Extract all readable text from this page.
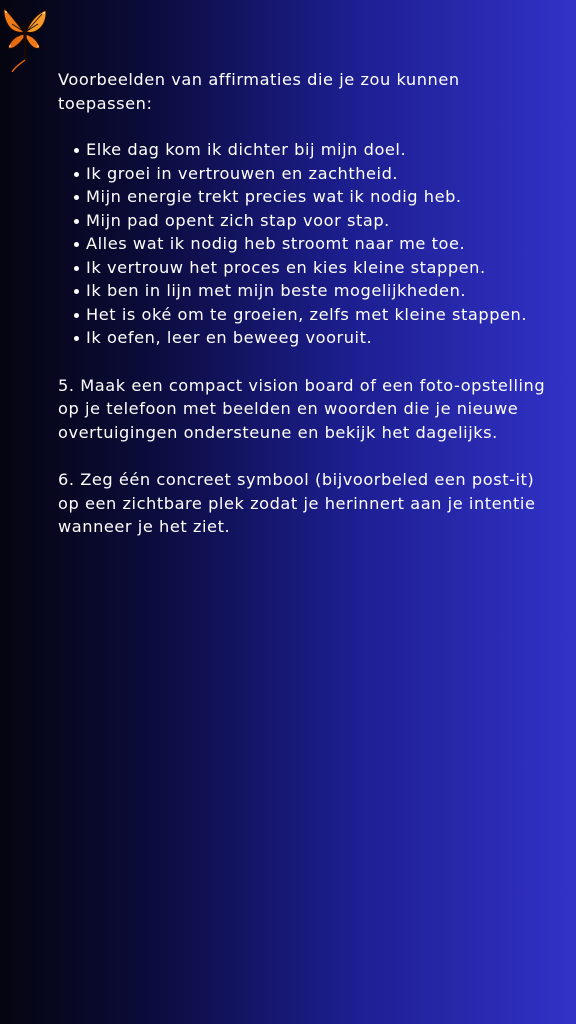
Voorbeelden van affirmaties die je zou kunnen toepassen:

Elke dag kom ik dichter bij mijn doel.
Ik groei in vertrouwen en zachtheid.
Mijn energie trekt precies wat ik nodig heb.
Mijn pad opent zich stap voor stap.
Alles wat ik nodig heb stroomt naar me toe.
Ik vertrouw het proces en kies kleine stappen.
Ik ben in lijn met mijn beste mogelijkheden.
Het is oké om te groeien, zelfs met kleine stappen.
Ik oefen, leer en beweeg vooruit.

5. Maak een compact vision board of een foto-opstelling op je telefoon met beelden en woorden die je nieuwe overtuigingen ondersteune en bekijk het dagelijks.

6. Zeg één concreet symbool (bijvoorbeled een post-it) op een zichtbare plek zodat je herinnert aan je intentie wanneer je het ziet.
